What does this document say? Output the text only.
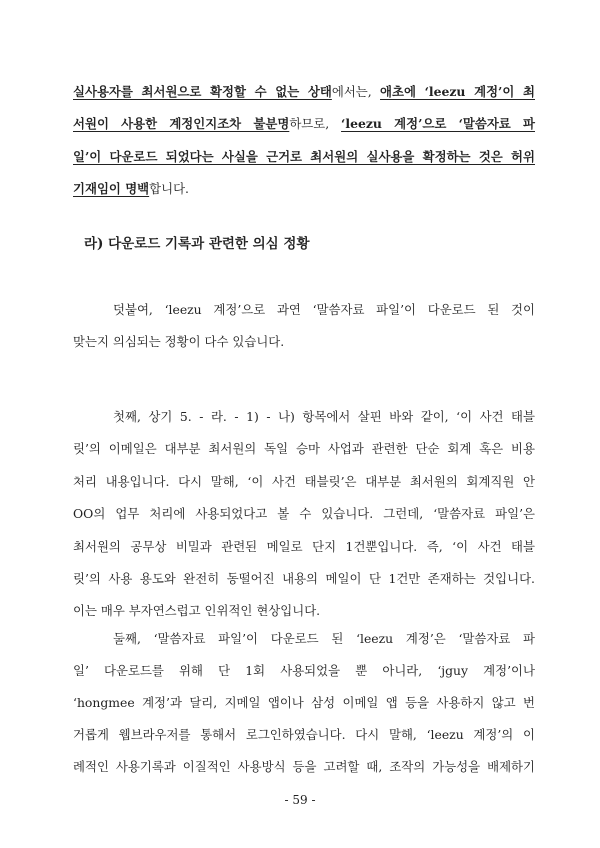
실사용자를 최서원으로 확정할 수 없는 상태에서는, 애초에 ‘leezu 계정’이 최
서원이 사용한 계정인지조차 불분명하므로, ‘leezu 계정’으로 ‘말씀자료 파
일’이 다운로드 되었다는 사실을 근거로 최서원의 실사용을 확정하는 것은 허위
기재임이 명백합니다.
라) 다운로드 기록과 관련한 의심 정황
덧붙여, ‘leezu 계정’으로 과연 ‘말씀자료 파일’이 다운로드 된 것이
맞는지 의심되는 정황이 다수 있습니다.
첫째, 상기 5. - 라. - 1) - 나) 항목에서 살핀 바와 같이, ‘이 사건 태블
릿’의 이메일은 대부분 최서원의 독일 승마 사업과 관련한 단순 회계 혹은 비용
처리 내용입니다. 다시 말해, ‘이 사건 태블릿’은 대부분 최서원의 회계직원 안
OO의 업무 처리에 사용되었다고 볼 수 있습니다. 그런데, ‘말씀자료 파일’은
최서원의 공무상 비밀과 관련된 메일로 단지 1건뿐입니다. 즉, ‘이 사건 태블
릿’의 사용 용도와 완전히 동떨어진 내용의 메일이 단 1건만 존재하는 것입니다.
이는 매우 부자연스럽고 인위적인 현상입니다.
둘째, ‘말씀자료 파일’이 다운로드 된 ‘leezu 계정’은 ‘말씀자료 파
일’ 다운로드를 위해 단 1회 사용되었을 뿐 아니라, ‘jguy 계정’이나
‘hongmee 계정’과 달리, 지메일 앱이나 삼성 이메일 앱 등을 사용하지 않고 번
거롭게 웹브라우저를 통해서 로그인하였습니다. 다시 말해, ‘leezu 계정’의 이
례적인 사용기록과 이질적인 사용방식 등을 고려할 때, 조작의 가능성을 배제하기
- 59 -
